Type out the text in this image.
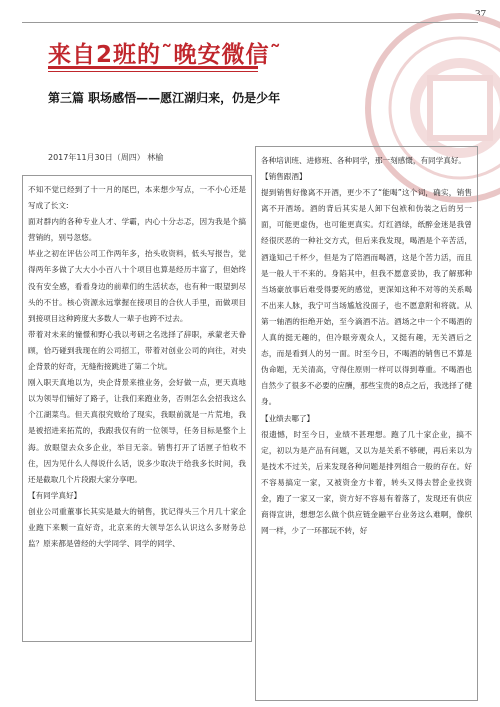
37
来自2班的˜晚安微信˜
第三篇 职场感悟——愿江湖归来，仍是少年
2017年11月30日（周四） 林榆

不知不觉已经到了十一月的尾巴，本来想少写点，一不小心还是写成了长文:

面对群内的各种专业人才、学霸，内心十分忐忑，因为我是个搞营销的，别号忽悠。

毕业之初在评估公司工作两年多，抬头收资料，低头写报告，觉得两年多做了大大小小百八十个项目也算是经历丰富了，但始终没有安全感，看看身边的前辈们的生活状态，也有种一眼望到尽头的不甘。核心资源永远掌握在接项目的合伙人手里，而做项目到接项目这种跨度大多数人一辈子也跨不过去。

带着对未来的憧憬和野心我以考研之名选择了辞职，承蒙老天眷顾，恰巧碰到我现在的公司招工，带着对创业公司的向往，对央企背景的好奇，无缝衔接跳进了第二个坑。

刚入职天真地以为，央企背景来推业务，会好做一点，更天真地以为领导们铺好了路子，让我们来跑业务，否则怎么会招我这么个江湖菜鸟。但天真很究败给了现实，我眼前就是一片荒地，我是被招进来拓荒的，我跟我仅有的一位领导，任务目标是整个上海。放眼望去众多企业，举目无亲。销售打开了话匣子怕收不住，因为见什么人得说什么话，说多少取决于给我多长时间，我还是截取几个片段跟大家分享吧。

【有同学真好】

创业公司重董事长其实是最大的销售，犹记得头三个月几十家企业跑下来颗一直好奇，北京来的大领导怎么认识这么多财务总监？原来都是曾经的大学同学、同学的同学、

各种培训班、进修班、各种同学，那一刻感慨，有同学真好。

【销售跟酒】

提到销售好像离不开酒，更少不了“能喝”这个词，确实，销售离不开酒场。酒的背后其实是人卸下包袱和伪装之后的另一面，可能更虚伪，也可能更真实。灯红酒绿，纸醉金迷是我曾经很厌恶的一种社交方式，但后来我发现，喝酒是个辛苦活，酒逢知己千杯少，但是为了陪酒而喝酒，这是个苦力活，而且是一般人干不来的。身陷其中，但我不愿意妥协，我了解那种当场豪放事后难受得要死的感觉，更深知这种不对等的关系喝不出来人脉，我宁可当场尴尬没面子，也不愿意附和将就。从第一轴酒的拒绝开始，至今滴酒不沾。酒场之中一个不喝酒的人真的挺无趣的，但冷眼旁观众人，又挺有趣，无关酒后之态，而是看到人的另一面。时至今日，不喝酒的销售已不算是伪命题，无关清高，守得住原则一样可以得到尊重。不喝酒也自然少了很多不必要的应酬，那些宝贵的8点之后，我选择了健身。

【业绩去哪了】

很遗憾，时至今日，业绩不甚理想。跑了几十家企业，搞不定，初以为是产品有问题，又以为是关系不够硬，再后来以为是技术不过关，后来发现各种问题是排列组合一般的存在。好不容易搞定一家，又被资金方卡着，转头又得去替企业找资金，跑了一家又一家，资方好不容易有着落了，发现还有供应商得宣讲，想想怎么做个供应链金融平台业务这么难啊，像织网一样，少了一环都玩不转，好
